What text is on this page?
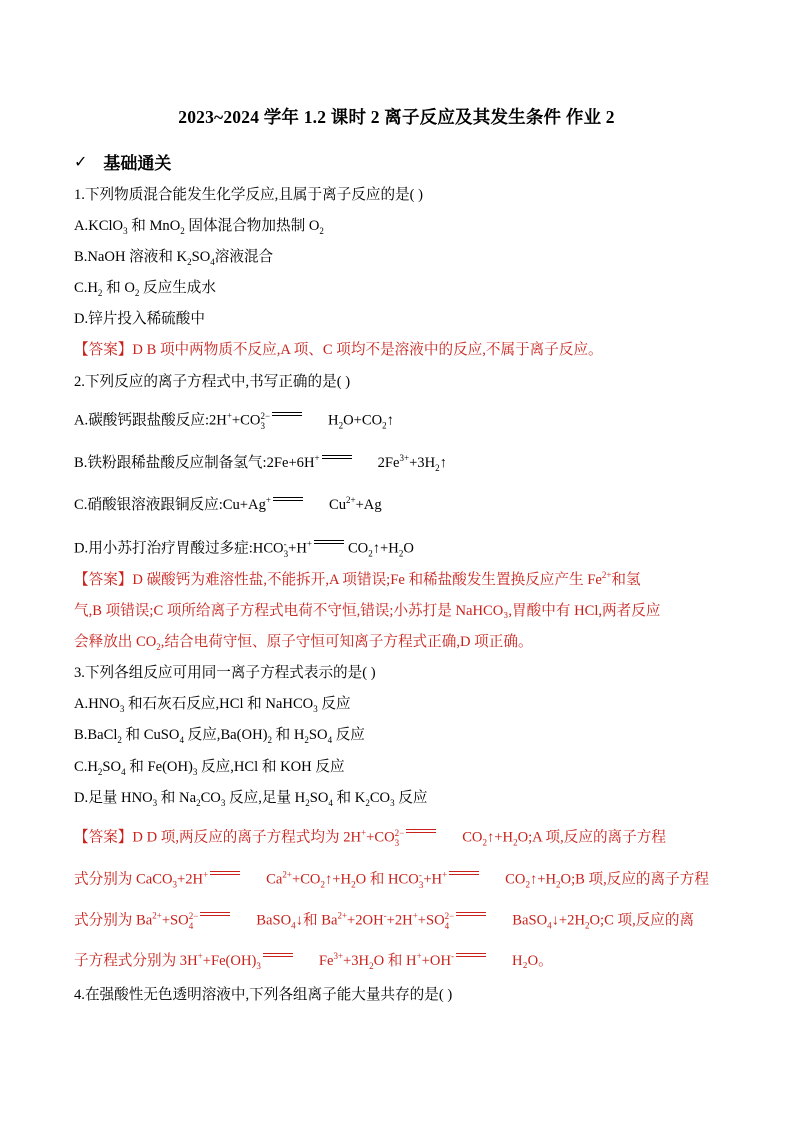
2023~2024 学年 1.2 课时 2 离子反应及其发生条件 作业 2
✓ 基础通关
1.下列物质混合能发生化学反应,且属于离子反应的是( )
A.KClO$_3$ 和 MnO$_2$ 固体混合物加热制 $O_2$
B.NaOH 溶液和 $K_2SO_4$溶液混合
$C.H_2$ 和 $O_2$ 反应生成水
D.锌片投入稀硫酸中
【答案】D B 项中两物质不反应,A 项、C 项均不是溶液中的反应,不属于离子反应。
2.下列反应的离子方程式中,书写正确的是( )
A.碳酸钙跟盐酸反应:2H++CO 2−
3	$H_2O+CO_2↑$
B.铁粉跟稀盐酸反应制备氢气:2Fe+6H+	$2Fe^{3+}+3H_2↑$
C.硝酸银溶液跟铜反应:Cu+Ag+	$Cu^{2+}+Ag$
D.用小苏打治疗胃酸过多症:HCO -
3 +H+ $CO_2↑+H_2O$
【答案】D 碳酸钙为难溶性盐,不能拆开,A 项错误;Fe 和稀盐酸发生置换反应产生 $Fe^{2+}$和氢
气,B 项错误;C 项所给离子方程式电荷不守恒,错误;小苏打是 NaHCO₃,胃酸中有 HCl,两者反应
会释放出 $CO_2$,结合电荷守恒、原子守恒可知离子方程式正确,D 项正确。
3.下列各组反应可用同一离子方程式表示的是( )
$A.HNO_3$ 和石灰石反应,HCl 和 NaHCO$_3$ 反应
B.BaCl$_2$ 和 CuSO$_4$ 反应$,Ba(OH)_2$ 和 $H_2SO_4$ 反应
$C.H_2SO_4$ 和 $Fe(OH)_3$ 反应,HCl 和 KOH 反应
D.足量 $HNO_3$ 和 $Na_2CO_3$ 反应,足量 $H_2SO_4$ 和 $K_2CO_3$ 反应
【答案】D D 项,两反应的离子方程式均为 2H++CO 2−
3	$CO_2↑+H_2O;A$ 项,反应的离子方程
式分别为 CaCO$_3$+2H+	$Ca^{2+}+CO_2↑+H_2O$ 和 HCO -
3 +H+	$CO_2↑+H_2O;B$ 项,反应的离子方程
式分别为 $Ba^{2+}+SO$ 2−
4	BaSO$_4$↓和 $Ba^{2+}+2OH^-+2H^++SO$ 2−
4	$BaSO_4↓+2H_2O;C$ 项,反应的离
子方程式分别为 $3H^++Fe(OH)_3$	$Fe^{3+}+3H_2O$ 和 H++OH-	H₂O。
4.在强酸性无色透明溶液中,下列各组离子能大量共存的是( )
